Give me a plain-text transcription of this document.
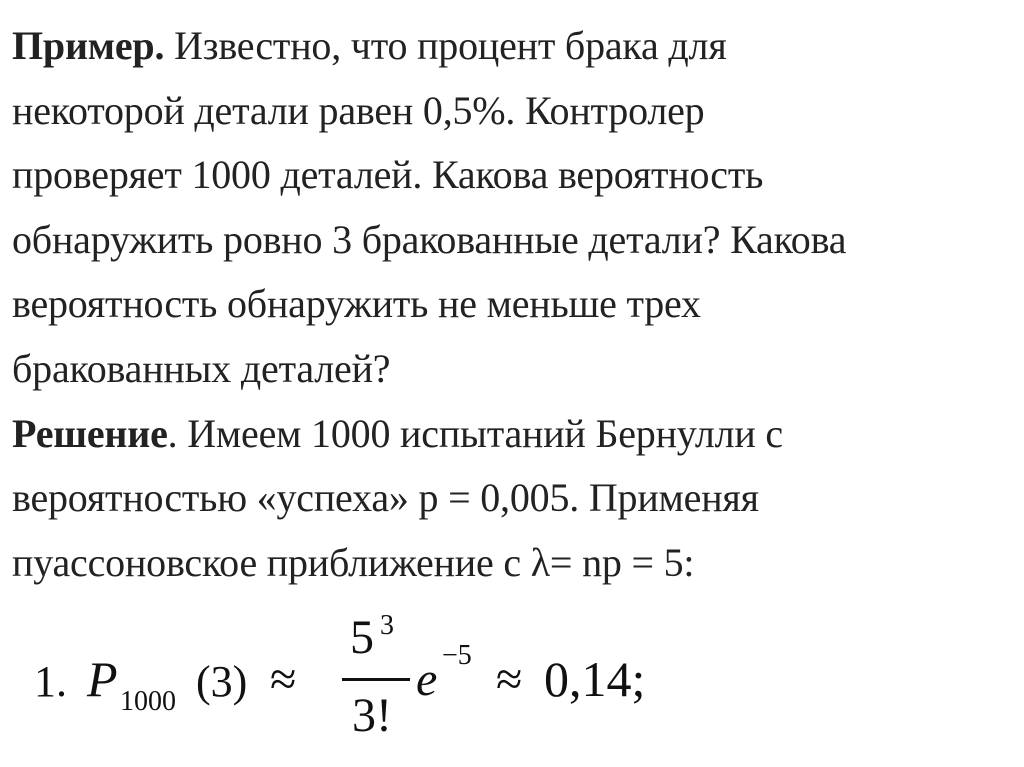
Пример. Известно, что процент брака для
некоторой детали равен 0,5%. Контролер
проверяет 1000 деталей. Какова вероятность
обнаружить ровно 3 бракованные детали? Какова
вероятность обнаружить не меньше трех
бракованных деталей?
Решение. Имеем 1000 испытаний Бернулли с
вероятностью «успеха» p = 0,005. Применяя
пуассоновское приближение с λ= np = 5:
1. P 1000 (3) ≈
5 3
3!
e −5 ≈ 0,14;
